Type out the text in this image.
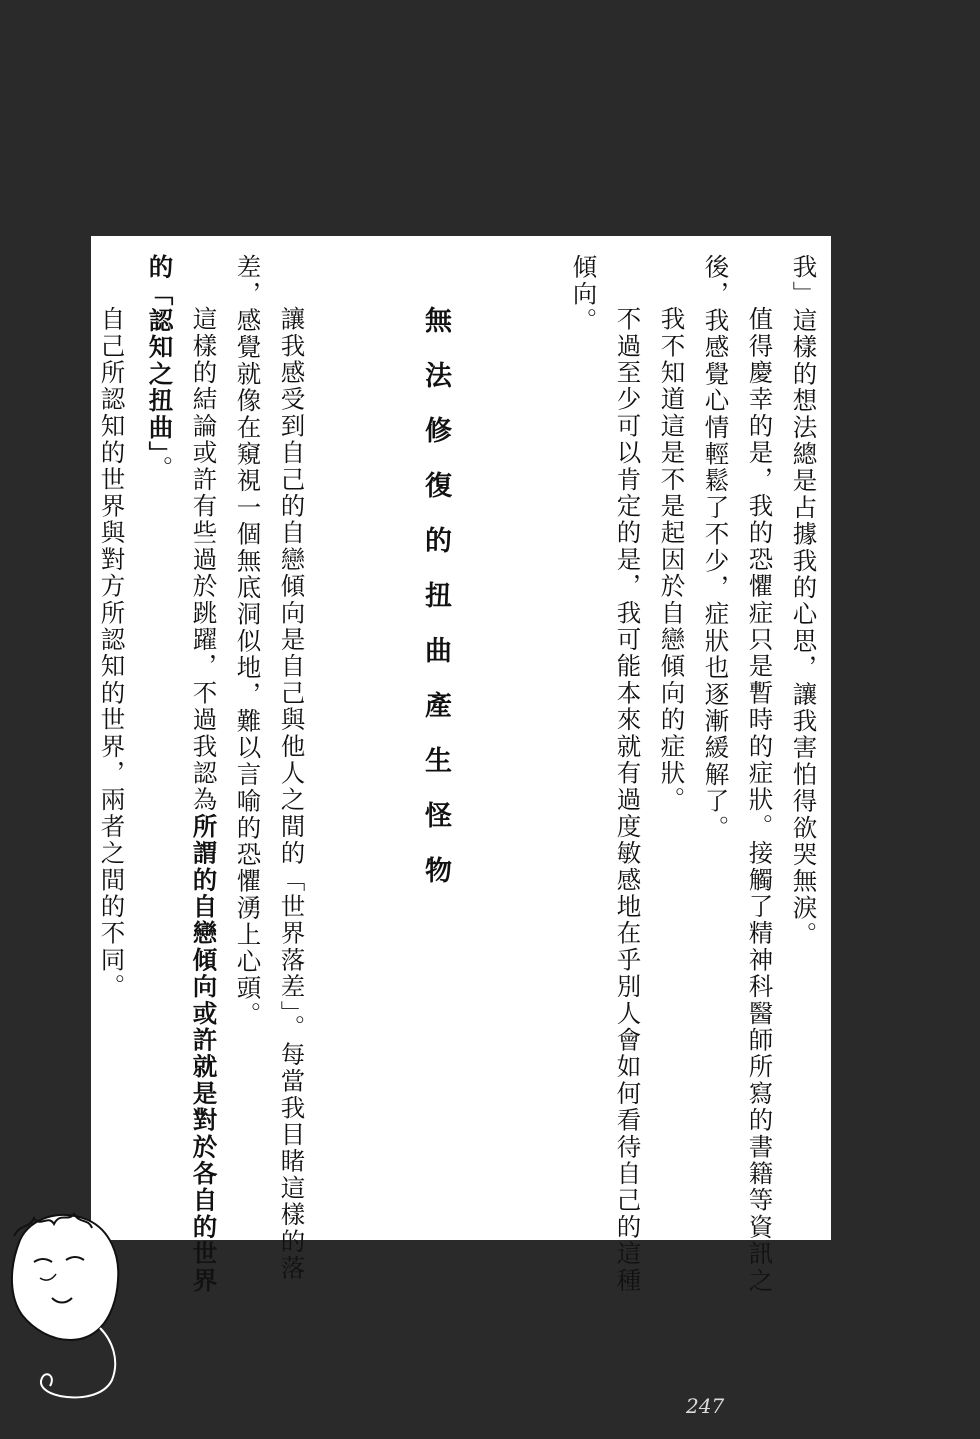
我」這樣的想法總是占據我的心思，讓我害怕得欲哭無淚。
值得慶幸的是，我的恐懼症只是暫時的症狀。接觸了精神科醫師所寫的書籍等資訊之
後，我感覺心情輕鬆了不少，症狀也逐漸緩解了。
我不知道這是不是起因於自戀傾向的症狀。
不過至少可以肯定的是，我可能本來就有過度敏感地在乎別人會如何看待自己的這種
傾向。
無法修復的扭曲產生怪物
讓我感受到自己的自戀傾向是自己與他人之間的「世界落差」。每當我目睹這樣的落
差，感覺就像在窺視一個無底洞似地，難以言喻的恐懼湧上心頭。
這樣的結論或許有些過於跳躍，不過我認為所謂的自戀傾向或許就是對於各自的世界
的「認知之扭曲」。
自己所認知的世界與對方所認知的世界，兩者之間的不同。
247
